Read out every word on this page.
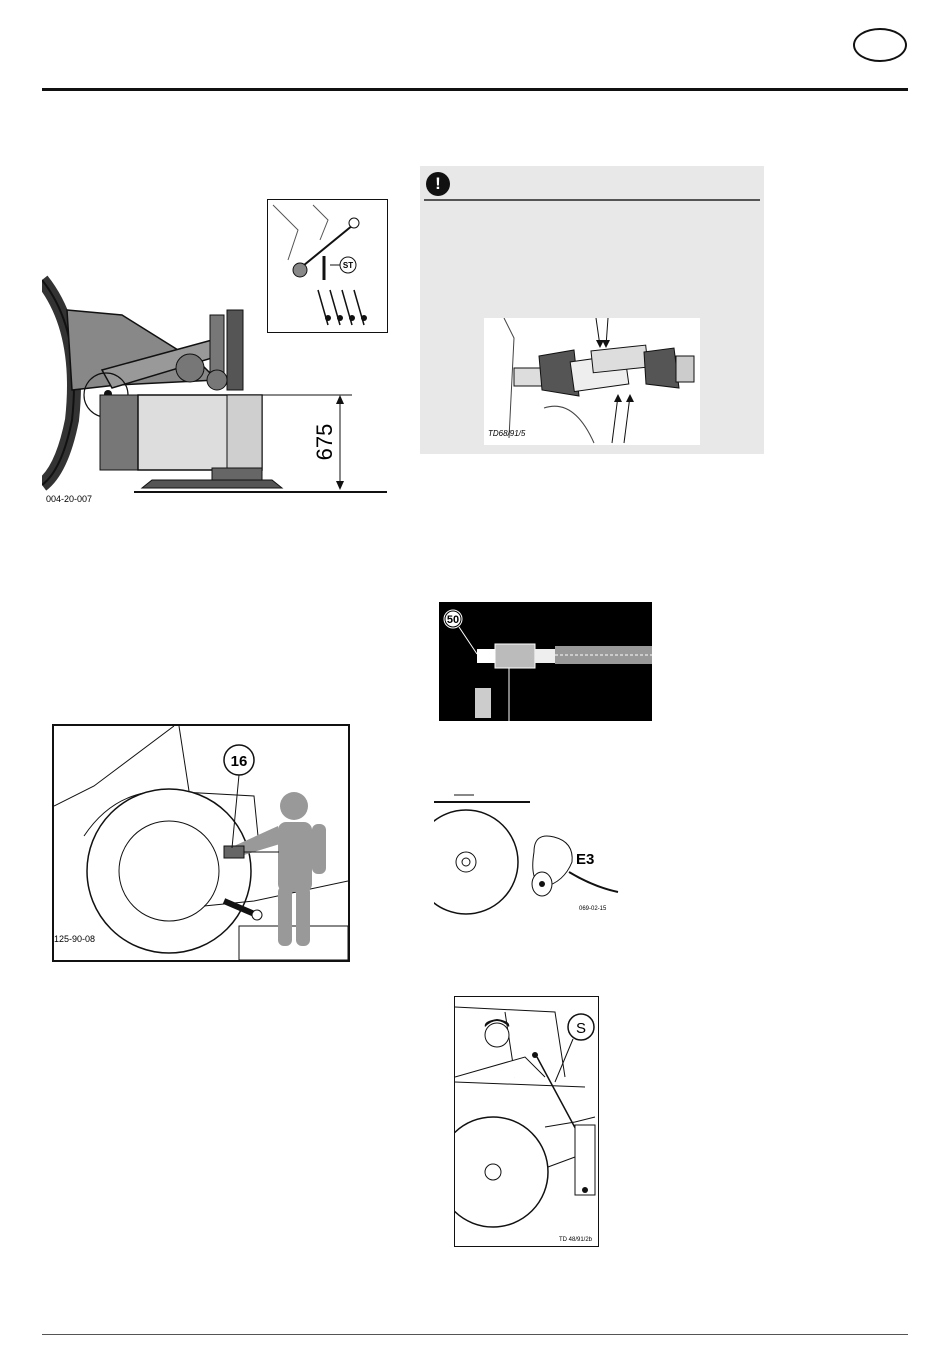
675
004-20-007
ST
!
TD68/91/5
50
E3
069-02-15
16
125-90-08
S
TD 48/91/2b
